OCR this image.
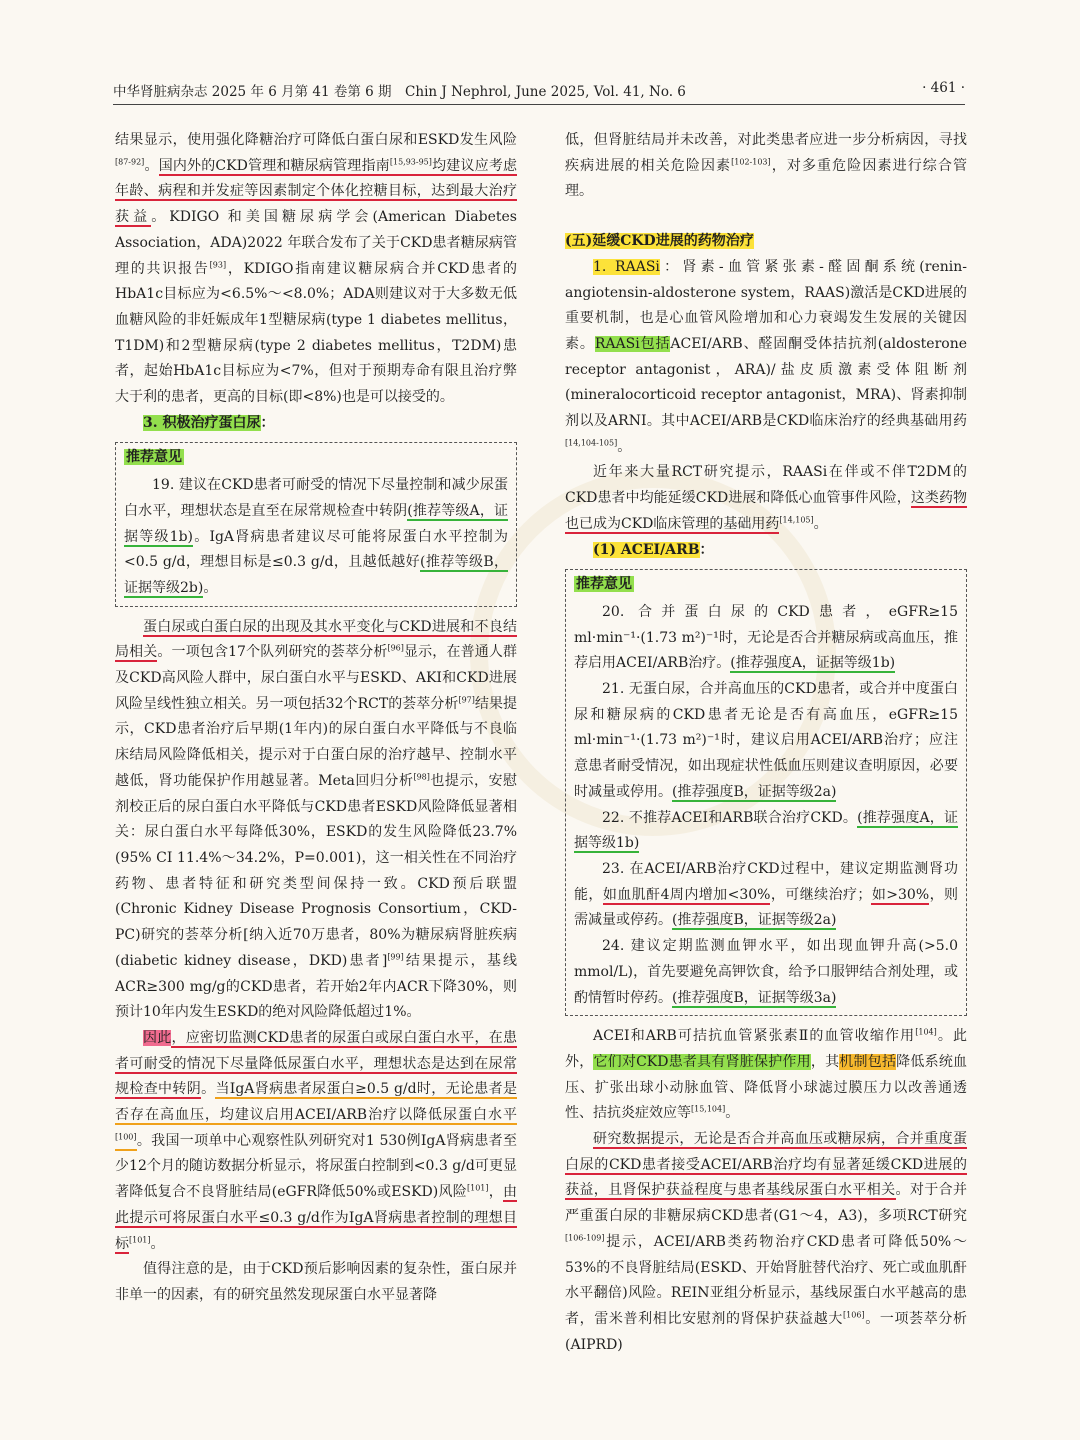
中华肾脏病杂志 2025 年 6 月第 41 卷第 6 期　Chin J Nephrol, June 2025, Vol. 41, No. 6	· 461 ·

结果显示，使用强化降糖治疗可降低白蛋白尿和ESKD发生风险[87-92]。国内外的CKD管理和糖尿病管理指南[15,93-95]均建议应考虑年龄、病程和并发症等因素制定个体化控糖目标，达到最大治疗获益。KDIGO 和美国糖尿病学会(American Diabetes Association，ADA)2022 年联合发布了关于CKD患者糖尿病管理的共识报告[93]，KDIGO指南建议糖尿病合并CKD患者的HbA1c目标应为<6.5%～<8.0%；ADA则建议对于大多数无低血糖风险的非妊娠成年1型糖尿病(type 1 diabetes mellitus，T1DM)和2型糖尿病(type 2 diabetes mellitus，T2DM)患者，起始HbA1c目标应为<7%，但对于预期寿命有限且治疗弊大于利的患者，更高的目标(即<8%)也是可以接受的。

3. 积极治疗蛋白尿：

推荐意见

19. 建议在CKD患者可耐受的情况下尽量控制和减少尿蛋白水平，理想状态是直至在尿常规检查中转阴(推荐等级A，证据等级1b)。IgA肾病患者建议尽可能将尿蛋白水平控制为<0.5 g/d，理想目标是≤0.3 g/d，且越低越好(推荐等级B，证据等级2b)。

蛋白尿或白蛋白尿的出现及其水平变化与CKD进展和不良结局相关。一项包含17个队列研究的荟萃分析[96]显示，在普通人群及CKD高风险人群中，尿白蛋白水平与ESKD、AKI和CKD进展风险呈线性独立相关。另一项包括32个RCT的荟萃分析[97]结果提示，CKD患者治疗后早期(1年内)的尿白蛋白水平降低与不良临床结局风险降低相关，提示对于白蛋白尿的治疗越早、控制水平越低，肾功能保护作用越显著。Meta回归分析[98]也提示，安慰剂校正后的尿白蛋白水平降低与CKD患者ESKD风险降低显著相关：尿白蛋白水平每降低30%，ESKD的发生风险降低23.7%(95% CI 11.4%～34.2%，P=0.001)，这一相关性在不同治疗药物、患者特征和研究类型间保持一致。CKD预后联盟(Chronic Kidney Disease Prognosis Consortium，CKD-PC)研究的荟萃分析[纳入近70万患者，80%为糖尿病肾脏疾病(diabetic kidney disease，DKD)患者][99]结果提示，基线ACR≥300 mg/g的CKD患者，若开始2年内ACR下降30%，则预计10年内发生ESKD的绝对风险降低超过1%。

因此，应密切监测CKD患者的尿蛋白或尿白蛋白水平，在患者可耐受的情况下尽量降低尿蛋白水平，理想状态是达到在尿常规检查中转阴。当IgA肾病患者尿蛋白≥0.5 g/d时，无论患者是否存在高血压，均建议启用ACEI/ARB治疗以降低尿蛋白水平[100]。我国一项单中心观察性队列研究对1 530例IgA肾病患者至少12个月的随访数据分析显示，将尿蛋白控制到<0.3 g/d可更显著降低复合不良肾脏结局(eGFR降低50%或ESKD)风险[101]，由此提示可将尿蛋白水平≤0.3 g/d作为IgA肾病患者控制的理想目标[101]。

值得注意的是，由于CKD预后影响因素的复杂性，蛋白尿并非单一的因素，有的研究虽然发现尿蛋白水平显著降

低，但肾脏结局并未改善，对此类患者应进一步分析病因，寻找疾病进展的相关危险因素[102-103]，对多重危险因素进行综合管理。

(五)延缓CKD进展的药物治疗

1. RAASi：肾素-血管紧张素-醛固酮系统(renin-angiotensin-aldosterone system，RAAS)激活是CKD进展的重要机制，也是心血管风险增加和心力衰竭发生发展的关键因素。RAASi包括ACEI/ARB、醛固酮受体拮抗剂(aldosterone receptor antagonist，ARA)/盐皮质激素受体阻断剂(mineralocorticoid receptor antagonist，MRA)、肾素抑制剂以及ARNI。其中ACEI/ARB是CKD临床治疗的经典基础用药[14,104-105]。

近年来大量RCT研究提示，RAASi在伴或不伴T2DM的CKD患者中均能延缓CKD进展和降低心血管事件风险，这类药物也已成为CKD临床管理的基础用药[14,105]。

(1) ACEI/ARB：

推荐意见

20. 合并蛋白尿的CKD患者，eGFR≥15 ml·min⁻¹·(1.73 m²)⁻¹时，无论是否合并糖尿病或高血压，推荐启用ACEI/ARB治疗。(推荐强度A，证据等级1b)

21. 无蛋白尿，合并高血压的CKD患者，或合并中度蛋白尿和糖尿病的CKD患者无论是否有高血压，eGFR≥15 ml·min⁻¹·(1.73 m²)⁻¹时，建议启用ACEI/ARB治疗；应注意患者耐受情况，如出现症状性低血压则建议查明原因，必要时减量或停用。(推荐强度B，证据等级2a)

22. 不推荐ACEI和ARB联合治疗CKD。(推荐强度A，证据等级1b)

23. 在ACEI/ARB治疗CKD过程中，建议定期监测肾功能，如血肌酐4周内增加<30%，可继续治疗；如>30%，则需减量或停药。(推荐强度B，证据等级2a)

24. 建议定期监测血钾水平，如出现血钾升高(>5.0 mmol/L)，首先要避免高钾饮食，给予口服钾结合剂处理，或酌情暂时停药。(推荐强度B，证据等级3a)

ACEI和ARB可拮抗血管紧张素Ⅱ的血管收缩作用[104]。此外，它们对CKD患者具有肾脏保护作用，其机制包括降低系统血压、扩张出球小动脉血管、降低肾小球滤过膜压力以改善通透性、拮抗炎症效应等[15,104]。

研究数据提示，无论是否合并高血压或糖尿病，合并重度蛋白尿的CKD患者接受ACEI/ARB治疗均有显著延缓CKD进展的获益，且肾保护获益程度与患者基线尿蛋白水平相关。对于合并严重蛋白尿的非糖尿病CKD患者(G1～4，A3)，多项RCT研究[106-109]提示，ACEI/ARB类药物治疗CKD患者可降低50%～53%的不良肾脏结局(ESKD、开始肾脏替代治疗、死亡或血肌酐水平翻倍)风险。REIN亚组分析显示，基线尿蛋白水平越高的患者，雷米普利相比安慰剂的肾保护获益越大[106]。一项荟萃分析(AIPRD)
